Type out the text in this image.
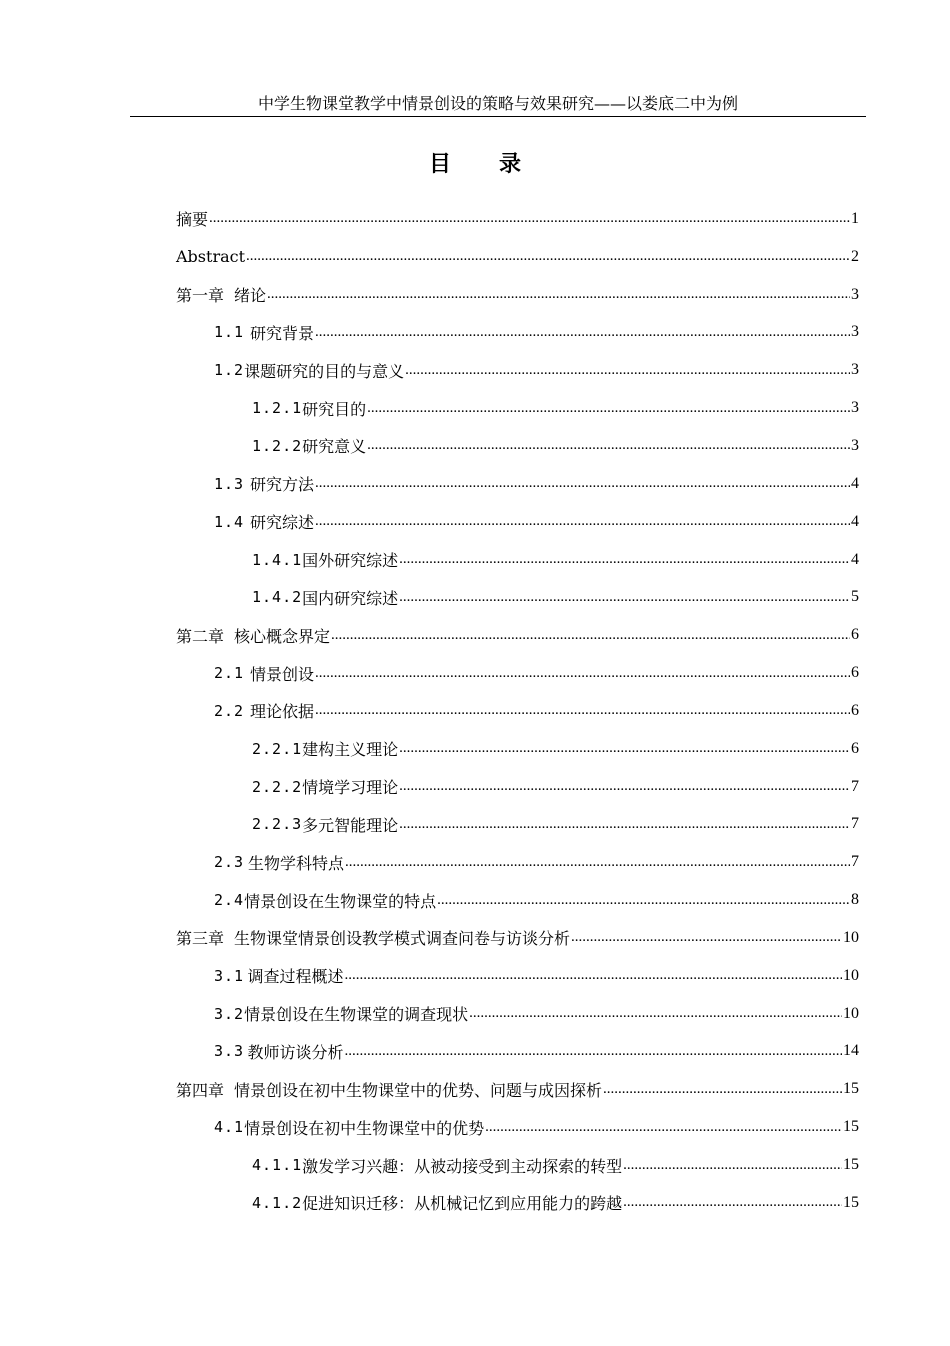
中学生物课堂教学中情景创设的策略与效果研究——以娄底二中为例
目录
摘要 .....	1
Abstract .....	2
第一章 绪论 .....	3
1.1 研究背景 .....	3
1.2 课题研究的目的与意义 .....	3
1.2.1 研究目的 .....	3
1.2.2 研究意义 .....	3
1.3 研究方法 .....	4
1.4 研究综述 .....	4
1.4.1 国外研究综述 .....	4
1.4.2 国内研究综述 .....	5
第二章 核心概念界定 .....	6
2.1 情景创设 .....	6
2.2 理论依据 .....	6
2.2.1 建构主义理论 .....	6
2.2.2 情境学习理论 .....	7
2.2.3 多元智能理论 .....	7
2.3 生物学科特点 .....	7
2.4 情景创设在生物课堂的特点 .....	8
第三章 生物课堂情景创设教学模式调查问卷与访谈分析 .....	10
3.1 调查过程概述 .....	10
3.2 情景创设在生物课堂的调查现状 .....	10
3.3 教师访谈分析 .....	14
第四章 情景创设在初中生物课堂中的优势、问题与成因探析 .....	15
4.1 情景创设在初中生物课堂中的优势 .....	15
4.1.1 激发学习兴趣：从被动接受到主动探索的转型 .....	15
4.1.2 促进知识迁移：从机械记忆到应用能力的跨越 .....	15
